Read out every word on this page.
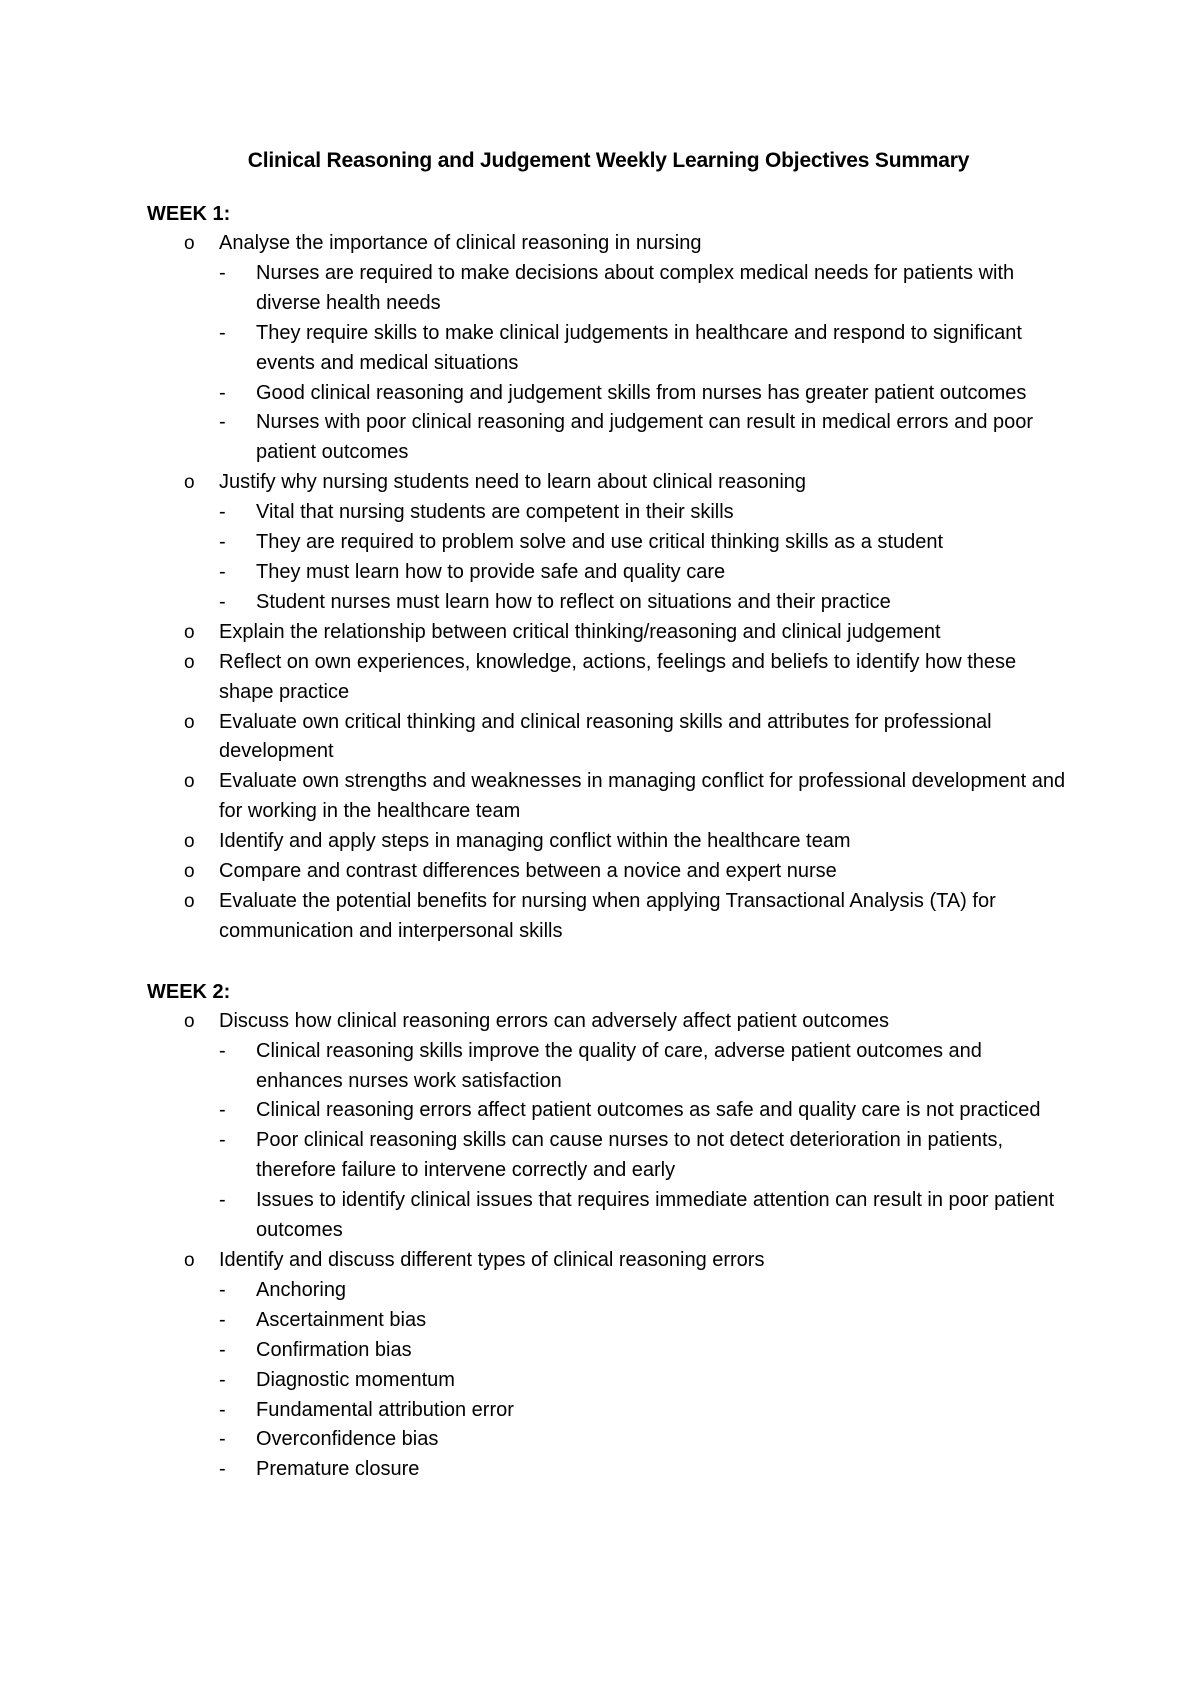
Clinical Reasoning and Judgement Weekly Learning Objectives Summary
WEEK 1:
o Analyse the importance of clinical reasoning in nursing
- Nurses are required to make decisions about complex medical needs for patients with diverse health needs
- They require skills to make clinical judgements in healthcare and respond to significant events and medical situations
- Good clinical reasoning and judgement skills from nurses has greater patient outcomes
- Nurses with poor clinical reasoning and judgement can result in medical errors and poor patient outcomes
o Justify why nursing students need to learn about clinical reasoning
- Vital that nursing students are competent in their skills
- They are required to problem solve and use critical thinking skills as a student
- They must learn how to provide safe and quality care
- Student nurses must learn how to reflect on situations and their practice
o Explain the relationship between critical thinking/reasoning and clinical judgement
o Reflect on own experiences, knowledge, actions, feelings and beliefs to identify how these shape practice
o Evaluate own critical thinking and clinical reasoning skills and attributes for professional development
o Evaluate own strengths and weaknesses in managing conflict for professional development and for working in the healthcare team
o Identify and apply steps in managing conflict within the healthcare team
o Compare and contrast differences between a novice and expert nurse
o Evaluate the potential benefits for nursing when applying Transactional Analysis (TA) for communication and interpersonal skills
WEEK 2:
o Discuss how clinical reasoning errors can adversely affect patient outcomes
- Clinical reasoning skills improve the quality of care, adverse patient outcomes and enhances nurses work satisfaction
- Clinical reasoning errors affect patient outcomes as safe and quality care is not practiced
- Poor clinical reasoning skills can cause nurses to not detect deterioration in patients, therefore failure to intervene correctly and early
- Issues to identify clinical issues that requires immediate attention can result in poor patient outcomes
o Identify and discuss different types of clinical reasoning errors
- Anchoring
- Ascertainment bias
- Confirmation bias
- Diagnostic momentum
- Fundamental attribution error
- Overconfidence bias
- Premature closure
